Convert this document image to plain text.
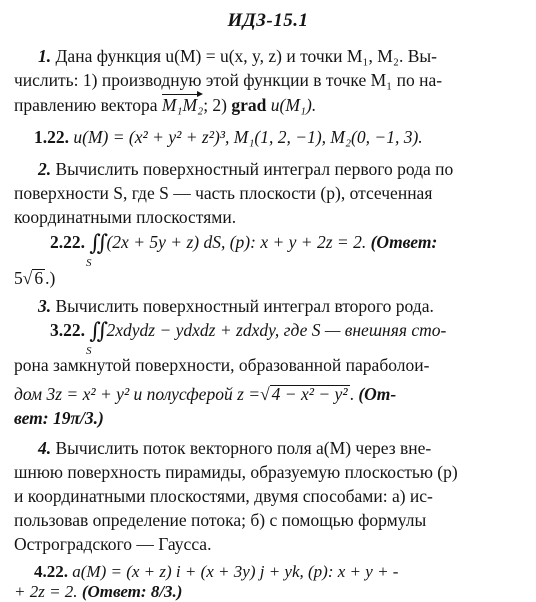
ИДЗ-15.1
1. Дана функция u(M) = u(x, y, z) и точки M₁, M₂. Вы-
числить: 1) производную этой функции в точке M₁ по на-
правлению вектора M₁M₂; 2) grad u(M₁).
1.22. u(M) = (x² + y² + z²)³, M₁(1, 2, −1), M₂(0, −1, 3).
2. Вычислить поверхностный интеграл первого рода по
поверхности S, где S — часть плоскости (p), отсеченная
координатными плоскостями.
2.22. ∬ (2x + 5y + z) dS, (p): x + y + 2z = 2. (Ответ:
S
5√ 6 .)
3. Вычислить поверхностный интеграл второго рода.
3.22. ∬ 2xdydz − ydxdz + zdxdy, где S — внешняя сто-
S
рона замкнутой поверхности, образованной параболои-
дом 3z = x² + y² и полусферой z =√ 4 − x² − y² . (От-
вет: 19π/3.)
4. Вычислить поток векторного поля a(M) через вне-
шнюю поверхность пирамиды, образуемую плоскостью (p)
и координатными плоскостями, двумя способами: а) ис-
пользовав определение потока; б) с помощью формулы
Остроградского — Гаусса.
4.22. a(M) = (x + z) i + (x + 3y) j + yk, (p): x + y + -
+ 2z = 2. (Ответ: 8/3.)
